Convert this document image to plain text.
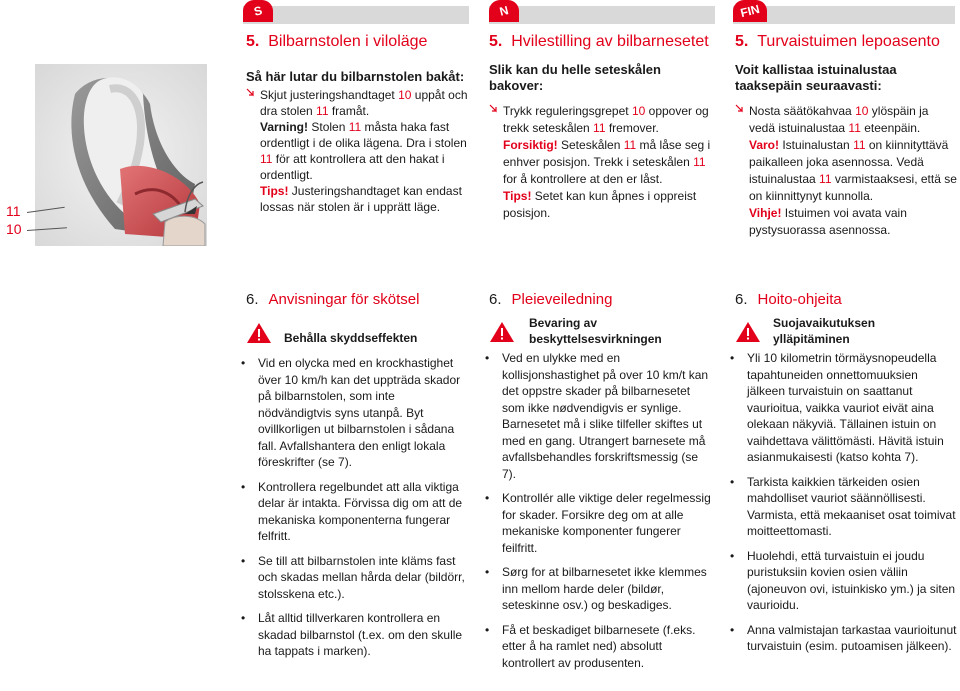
S	N	FIN
11
10
5. Bilbarnstolen i viloläge
Så här lutar du bilbarnstolen bakåt:
Skjut justeringshandtaget 10 uppåt och dra stolen 11 framåt.
Varning! Stolen 11 måsta haka fast ordentligt i de olika lägena. Dra i stolen 11 för att kontrollera att den hakat i ordentligt.
Tips! Justeringshandtaget kan endast lossas när stolen är i upprätt läge.
5. Hvilestilling av bilbarnesetet
Slik kan du helle seteskålen bakover:
Trykk reguleringsgrepet 10 oppover og trekk seteskålen 11 fremover.
Forsiktig! Seteskålen 11 må låse seg i enhver posisjon. Trekk i seteskålen 11 for å kontrollere at den er låst.
Tips! Setet kan kun åpnes i oppreist posisjon.
5. Turvaistuimen lepoasento
Voit kallistaa istuinalustaa taaksepäin seuraavasti:
Nosta säätökahvaa 10 ylöspäin ja vedä istuinalustaa 11 eteenpäin.
Varo! Istuinalustan 11 on kiinnityttävä paikalleen joka asennossa. Vedä istuinalustaa 11 varmistaaksesi, että se on kiinnittynyt kunnolla.
Vihje! Istuimen voi avata vain pystysuorassa asennossa.
6. Anvisningar för skötsel	6. Pleieveiledning	6. Hoito-ohjeita
Behålla skyddseffekten
Bevaring av beskyttelsesvirkningen
Suojavaikutuksen ylläpitäminen
• Vid en olycka med en krockhastighet över 10 km/h kan det uppträda skador på bilbarnstolen, som inte nödvändigtvis syns utanpå. Byt ovillkorligen ut bilbarnstolen i sådana fall. Avfallshantera den enligt lokala föreskrifter (se 7).
• Kontrollera regelbundet att alla viktiga delar är intakta. Förvissa dig om att de mekaniska komponenterna fungerar felfritt.
• Se till att bilbarnstolen inte kläms fast och skadas mellan hårda delar (bildörr, stolsskena etc.).
• Låt alltid tillverkaren kontrollera en skadad bilbarnstol (t.ex. om den skulle ha tappats i marken).
• Ved en ulykke med en kollisjonshastighet på over 10 km/t kan det oppstre skader på bilbarnesetet som ikke nødvendigvis er synlige. Barnesetet må i slike tilfeller skiftes ut med en gang. Utrangert barnesete må avfallsbehandles forskriftsmessig (se 7).
• Kontrollér alle viktige deler regelmessig for skader. Forsikre deg om at alle mekaniske komponenter fungerer feilfritt.
• Sørg for at bilbarnesetet ikke klemmes inn mellom harde deler (bildør, seteskinne osv.) og beskadiges.
• Få et beskadiget bilbarnesete (f.eks. etter å ha ramlet ned) absolutt kontrollert av produsenten.
• Yli 10 kilometrin törmäysnopeudella tapahtuneiden onnettomuuksien jälkeen turvaistuin on saattanut vaurioitua, vaikka vauriot eivät aina olekaan näkyviä. Tällainen istuin on vaihdettava välittömästi. Hävitä istuin asianmukaisesti (katso kohta 7).
• Tarkista kaikkien tärkeiden osien mahdolliset vauriot säännöllisesti. Varmista, että mekaaniset osat toimivat moitteettomasti.
• Huolehdi, että turvaistuin ei joudu puristuksiin kovien osien väliin (ajoneuvon ovi, istuinkisko ym.) ja siten vaurioidu.
• Anna valmistajan tarkastaa vaurioitunut turvaistuin (esim. putoamisen jälkeen).
